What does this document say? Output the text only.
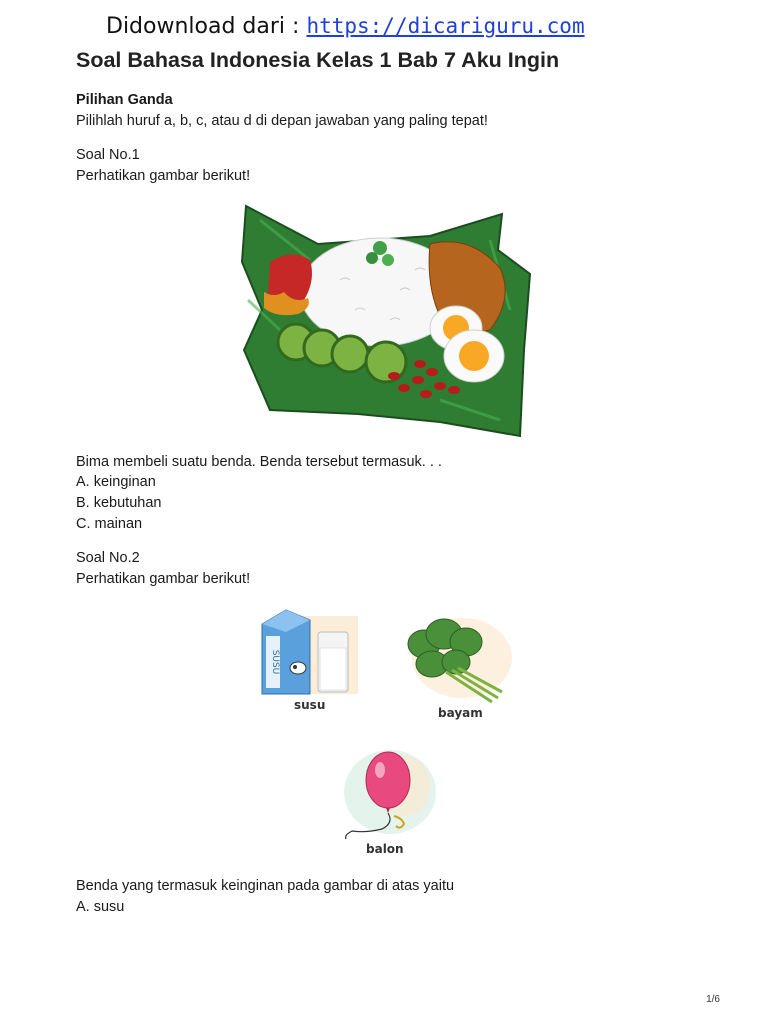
Didownload dari : https://dicariguru.com
Soal Bahasa Indonesia Kelas 1 Bab 7 Aku Ingin
Pilihan Ganda
Pilihlah huruf a, b, c, atau d di depan jawaban yang paling tepat!
Soal No.1
Perhatikan gambar berikut!
Bima membeli suatu benda. Benda tersebut termasuk. . .
A. keinginan
B. kebutuhan
C. mainan
Soal No.2
Perhatikan gambar berikut!
SUSU
susu
bayam
balon
Benda yang termasuk keinginan pada gambar di atas yaitu
A. susu
1/6
